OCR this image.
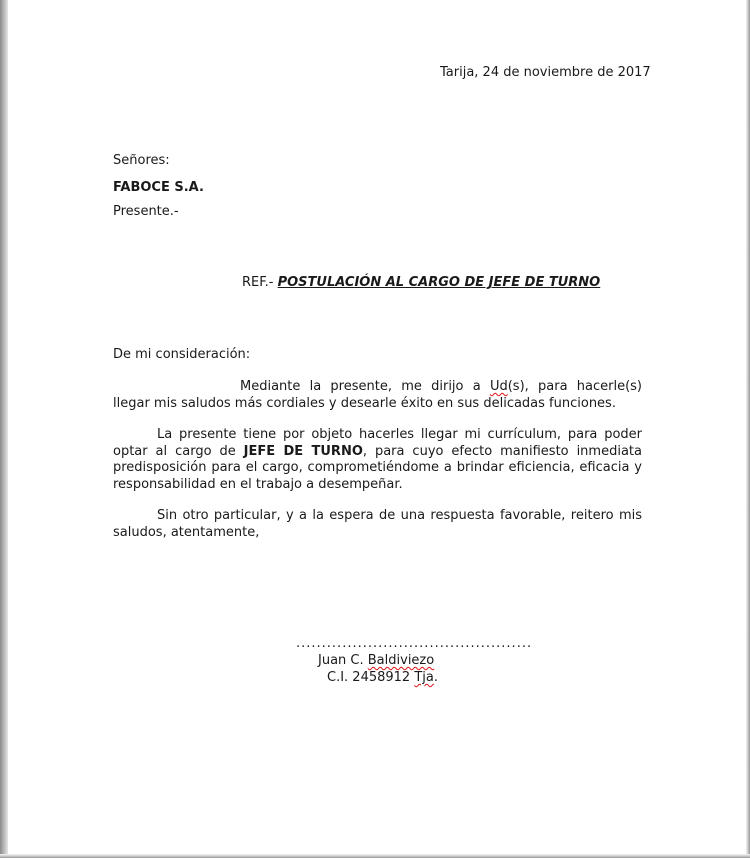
Tarija, 24 de noviembre de 2017
Señores:
FABOCE S.A.
Presente.-
REF.- POSTULACIÓN AL CARGO DE JEFE DE TURNO
De mi consideración:
Mediante la presente, me dirijo a Ud(s), para hacerle(s) llegar mis saludos más cordiales y desearle éxito en sus delicadas funciones.
La presente tiene por objeto hacerles llegar mi currículum, para poder optar al cargo de JEFE DE TURNO, para cuyo efecto manifiesto inmediata predisposición para el cargo, comprometiéndome a brindar eficiencia, eficacia y responsabilidad en el trabajo a desempeñar.
Sin otro particular, y a la espera de una respuesta favorable, reitero mis saludos, atentamente,
..............................................
Juan C. Baldiviezo
C.I. 2458912 Tja.
